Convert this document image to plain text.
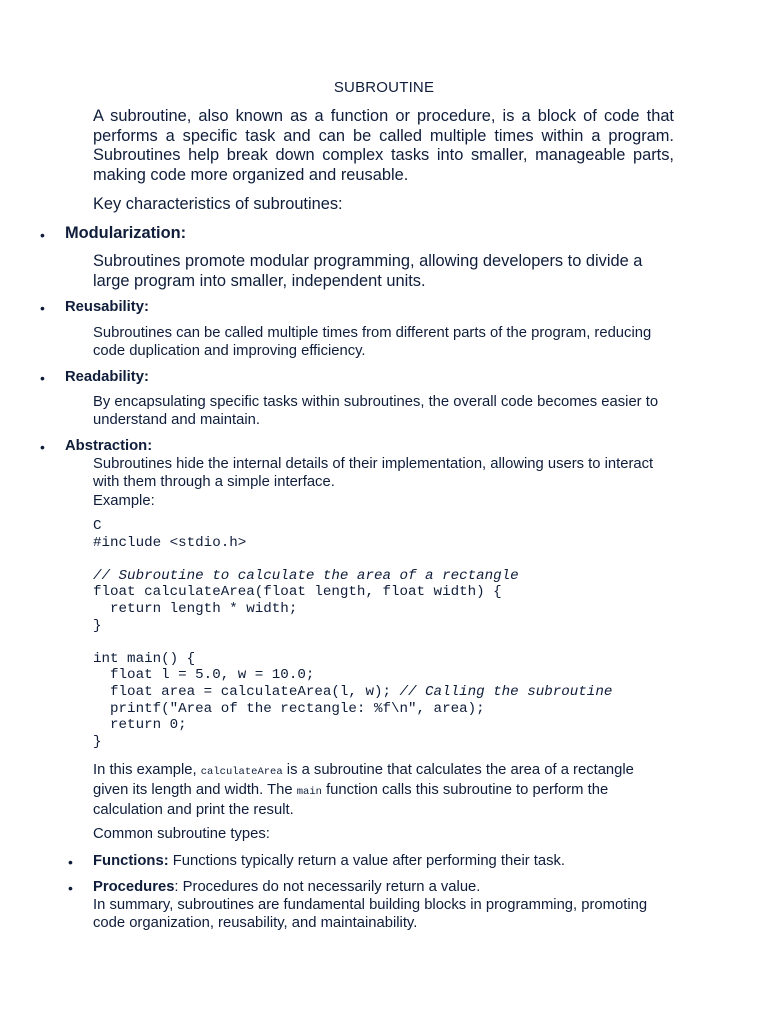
SUBROUTINE
A subroutine, also known as a function or procedure, is a block of code that performs a specific task and can be called multiple times within a program. Subroutines help break down complex tasks into smaller, manageable parts, making code more organized and reusable.
Key characteristics of subroutines:
• Modularization:
Subroutines promote modular programming, allowing developers to divide a large program into smaller, independent units.
• Reusability:
Subroutines can be called multiple times from different parts of the program, reducing code duplication and improving efficiency.
• Readability:
By encapsulating specific tasks within subroutines, the overall code becomes easier to understand and maintain.
• Abstraction:
Subroutines hide the internal details of their implementation, allowing users to interact with them through a simple interface.
Example:
C
#include <stdio.h>

// Subroutine to calculate the area of a rectangle
float calculateArea(float length, float width) {
return length * width;
}

int main() {
float l = 5.0, w = 10.0;
float area = calculateArea(l, w); // Calling the subroutine
printf("Area of the rectangle: %f\n", area);
return 0;
}
In this example, calculateArea is a subroutine that calculates the area of a rectangle given its length and width. The main function calls this subroutine to perform the calculation and print the result.
Common subroutine types:
• Functions: Functions typically return a value after performing their task.
• Procedures: Procedures do not necessarily return a value.
In summary, subroutines are fundamental building blocks in programming, promoting code organization, reusability, and maintainability.
